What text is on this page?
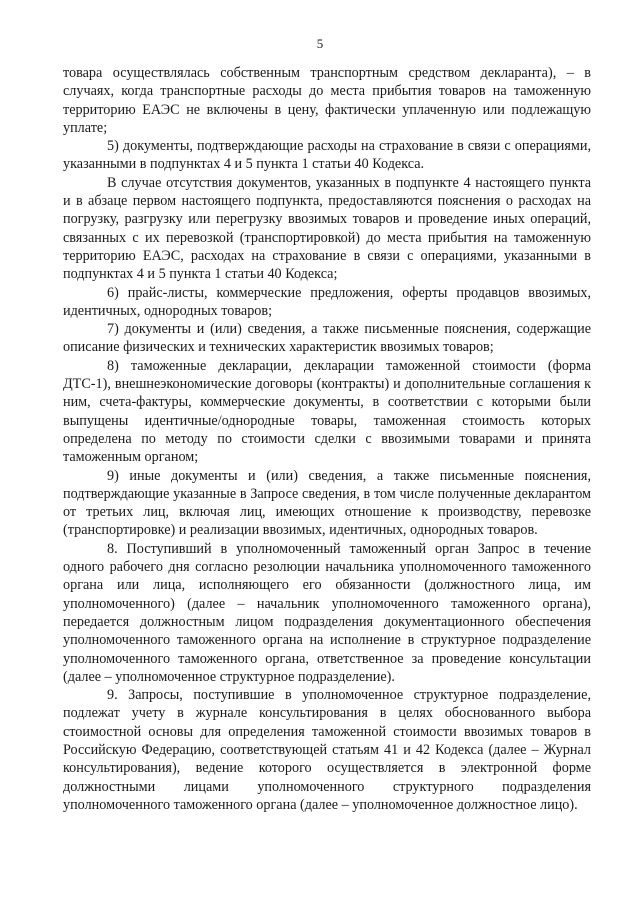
5

товара осуществлялась собственным транспортным средством декларанта), – в случаях, когда транспортные расходы до места прибытия товаров на таможенную территорию ЕАЭС не включены в цену, фактически уплаченную или подлежащую уплате;

5) документы, подтверждающие расходы на страхование в связи с операциями, указанными в подпунктах 4 и 5 пункта 1 статьи 40 Кодекса.

В случае отсутствия документов, указанных в подпункте 4 настоящего пункта и в абзаце первом настоящего подпункта, предоставляются пояснения о расходах на погрузку, разгрузку или перегрузку ввозимых товаров и проведение иных операций, связанных с их перевозкой (транспортировкой) до места прибытия на таможенную территорию ЕАЭС, расходах на страхование в связи с операциями, указанными в подпунктах 4 и 5 пункта 1 статьи 40 Кодекса;

6) прайс-листы, коммерческие предложения, оферты продавцов ввозимых, идентичных, однородных товаров;

7) документы и (или) сведения, а также письменные пояснения, содержащие описание физических и технических характеристик ввозимых товаров;

8) таможенные декларации, декларации таможенной стоимости (форма ДТС-1), внешнеэкономические договоры (контракты) и дополнительные соглашения к ним, счета-фактуры, коммерческие документы, в соответствии с которыми были выпущены идентичные/однородные товары, таможенная стоимость которых определена по методу по стоимости сделки с ввозимыми товарами и принята таможенным органом;

9) иные документы и (или) сведения, а также письменные пояснения, подтверждающие указанные в Запросе сведения, в том числе полученные декларантом от третьих лиц, включая лиц, имеющих отношение к производству, перевозке (транспортировке) и реализации ввозимых, идентичных, однородных товаров.

8. Поступивший в уполномоченный таможенный орган Запрос в течение одного рабочего дня согласно резолюции начальника уполномоченного таможенного органа или лица, исполняющего его обязанности (должностного лица, им уполномоченного) (далее – начальник уполномоченного таможенного органа), передается должностным лицом подразделения документационного обеспечения уполномоченного таможенного органа на исполнение в структурное подразделение уполномоченного таможенного органа, ответственное за проведение консультации (далее – уполномоченное структурное подразделение).

9. Запросы, поступившие в уполномоченное структурное подразделение, подлежат учету в журнале консультирования в целях обоснованного выбора стоимостной основы для определения таможенной стоимости ввозимых товаров в Российскую Федерацию, соответствующей статьям 41 и 42 Кодекса (далее – Журнал консультирования), ведение которого осуществляется в электронной форме должностными лицами уполномоченного структурного подразделения уполномоченного таможенного органа (далее – уполномоченное должностное лицо).
